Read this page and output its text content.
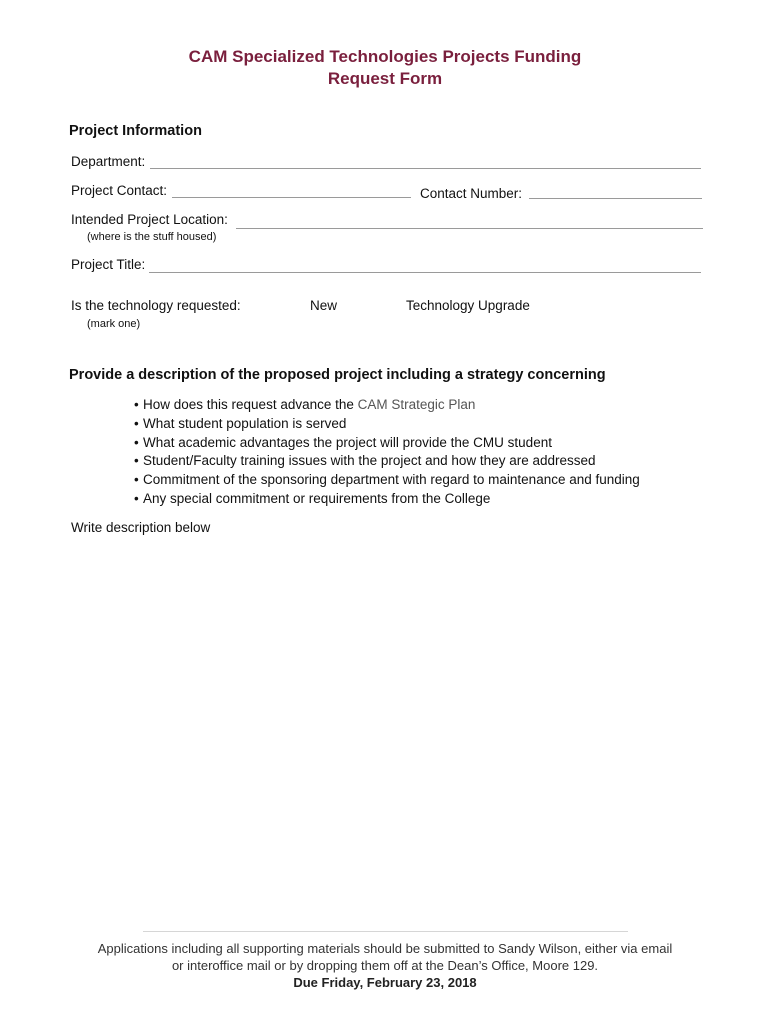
CAM Specialized Technologies Projects Funding
Request Form
Project Information
Department:
Project Contact:	Contact Number:
Intended Project Location:
(where is the stuff housed)
Project Title:
Is the technology requested:	New	Technology Upgrade
(mark one)
Provide a description of the proposed project including a strategy concerning
• How does this request advance the CAM Strategic Plan
• What student population is served
• What academic advantages the project will provide the CMU student
• Student/Faculty training issues with the project and how they are addressed
• Commitment of the sponsoring department with regard to maintenance and funding
• Any special commitment or requirements from the College
Write description below
Applications including all supporting materials should be submitted to Sandy Wilson, either via email
or interoffice mail or by dropping them off at the Dean’s Office, Moore 129.
Due Friday, February 23, 2018
